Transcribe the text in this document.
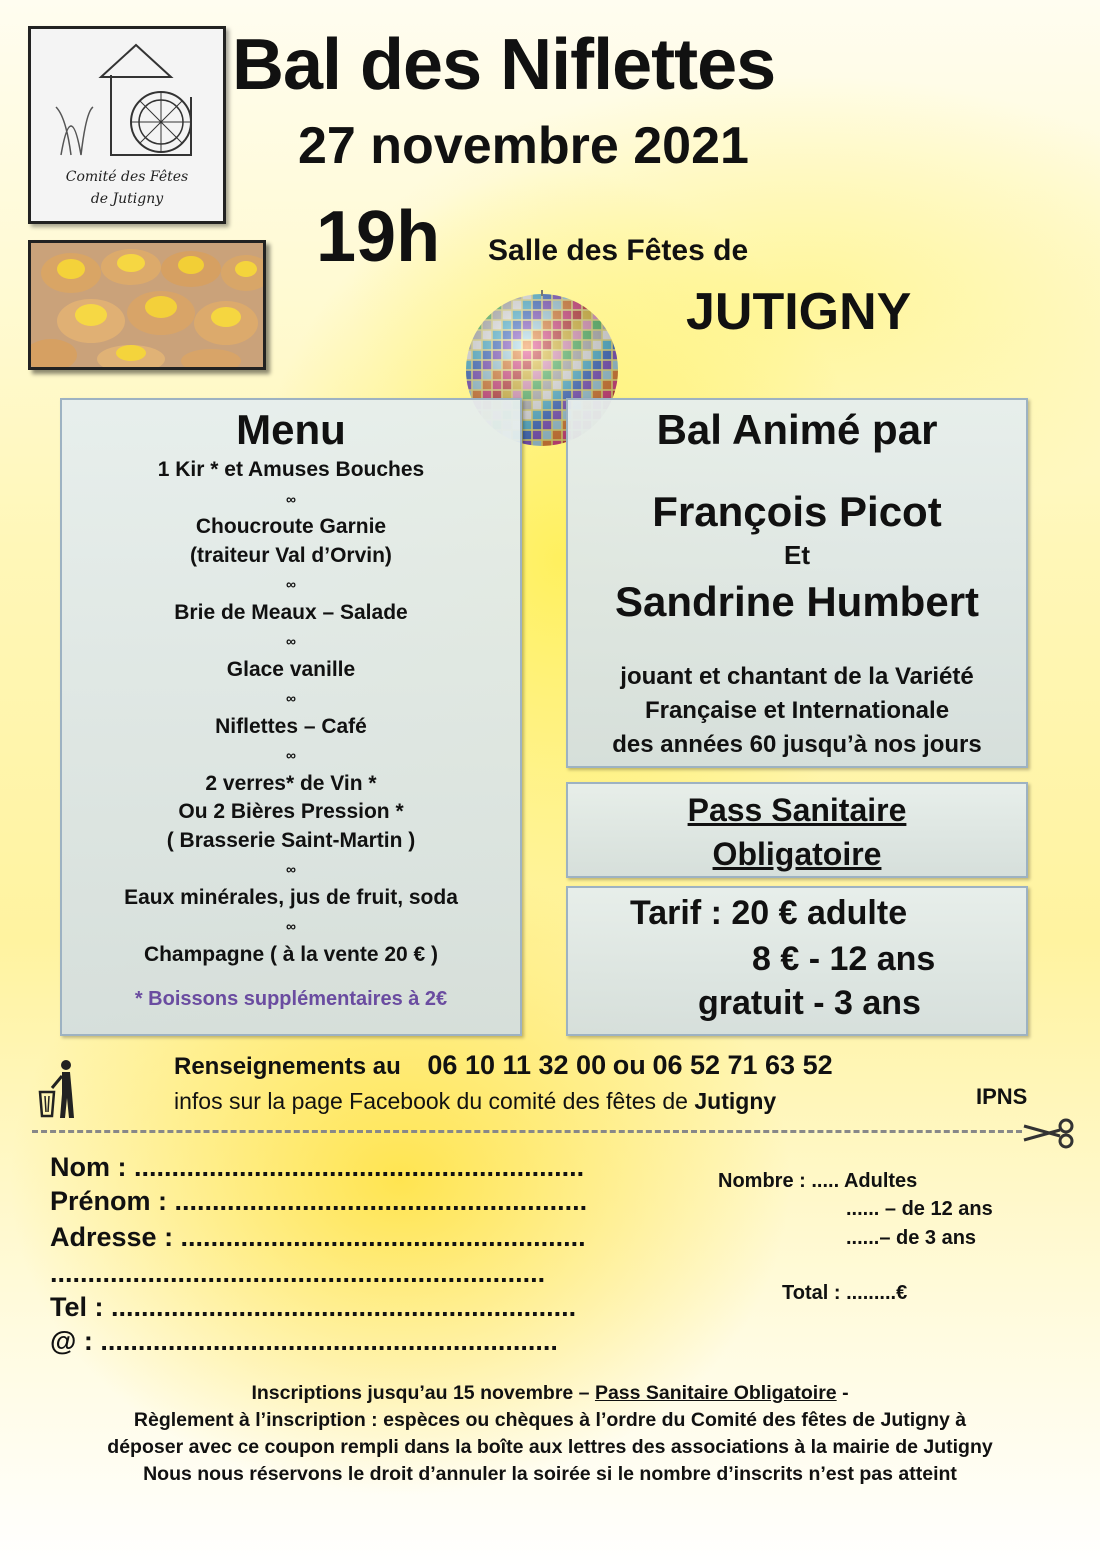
Comité des Fêtes
de Jutigny
Bal des Niflettes
27 novembre 2021
19h Salle des Fêtes de
JUTIGNY
Menu
1 Kir * et Amuses Bouches
∞
Choucroute Garnie
(traiteur Val d’Orvin)
∞
Brie de Meaux – Salade
∞
Glace vanille
∞
Niflettes – Café
∞
2 verres* de Vin *
Ou 2 Bières Pression *
( Brasserie Saint-Martin )
∞
Eaux minérales, jus de fruit, soda
∞
Champagne ( à la vente 20 € )
* Boissons supplémentaires à 2€
Bal Animé par
François Picot
Et
Sandrine Humbert
jouant et chantant de la Variété
Française et Internationale
des années 60 jusqu’à nos jours
Pass Sanitaire
Obligatoire
Tarif : 20 € adulte
8 € - 12 ans
gratuit - 3 ans
Renseignements au 06 10 11 32 00 ou 06 52 71 63 52
infos sur la page Facebook du comité des fêtes de Jutigny	IPNS
Nom : ............................................................
Prénom : .......................................................
Adresse : ......................................................
..................................................................
Tel : ..............................................................
@ : .............................................................
Nombre : ..... Adultes
...... – de 12 ans
......– de 3 ans
Total : .........€
Inscriptions jusqu’au 15 novembre – Pass Sanitaire Obligatoire -
Règlement à l’inscription : espèces ou chèques à l’ordre du Comité des fêtes de Jutigny à
déposer avec ce coupon rempli dans la boîte aux lettres des associations à la mairie de Jutigny
Nous nous réservons le droit d’annuler la soirée si le nombre d’inscrits n’est pas atteint
